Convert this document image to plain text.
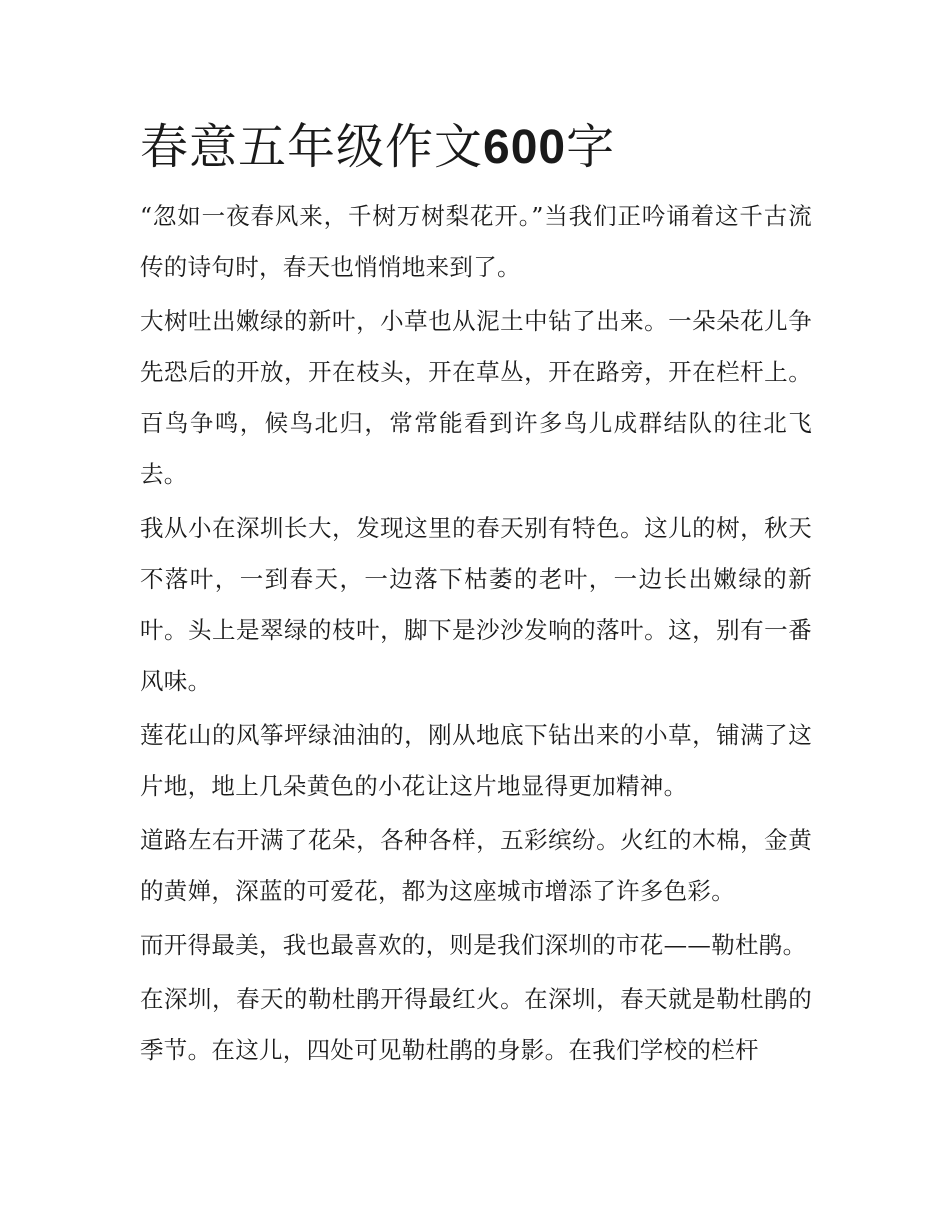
春意五年级作文600字

“忽如一夜春风来，千树万树梨花开。”当我们正吟诵着这千古流传的诗句时，春天也悄悄地来到了。

大树吐出嫩绿的新叶，小草也从泥土中钻了出来。一朵朵花儿争先恐后的开放，开在枝头，开在草丛，开在路旁，开在栏杆上。百鸟争鸣，候鸟北归，常常能看到许多鸟儿成群结队的往北飞去。

我从小在深圳长大，发现这里的春天别有特色。这儿的树，秋天不落叶，一到春天，一边落下枯萎的老叶，一边长出嫩绿的新叶。头上是翠绿的枝叶，脚下是沙沙发响的落叶。这，别有一番风味。

莲花山的风筝坪绿油油的，刚从地底下钻出来的小草，铺满了这片地，地上几朵黄色的小花让这片地显得更加精神。

道路左右开满了花朵，各种各样，五彩缤纷。火红的木棉，金黄的黄婵，深蓝的可爱花，都为这座城市增添了许多色彩。

而开得最美，我也最喜欢的，则是我们深圳的市花——勒杜鹃。

在深圳，春天的勒杜鹃开得最红火。在深圳，春天就是勒杜鹃的季节。在这儿，四处可见勒杜鹃的身影。在我们学校的栏杆
